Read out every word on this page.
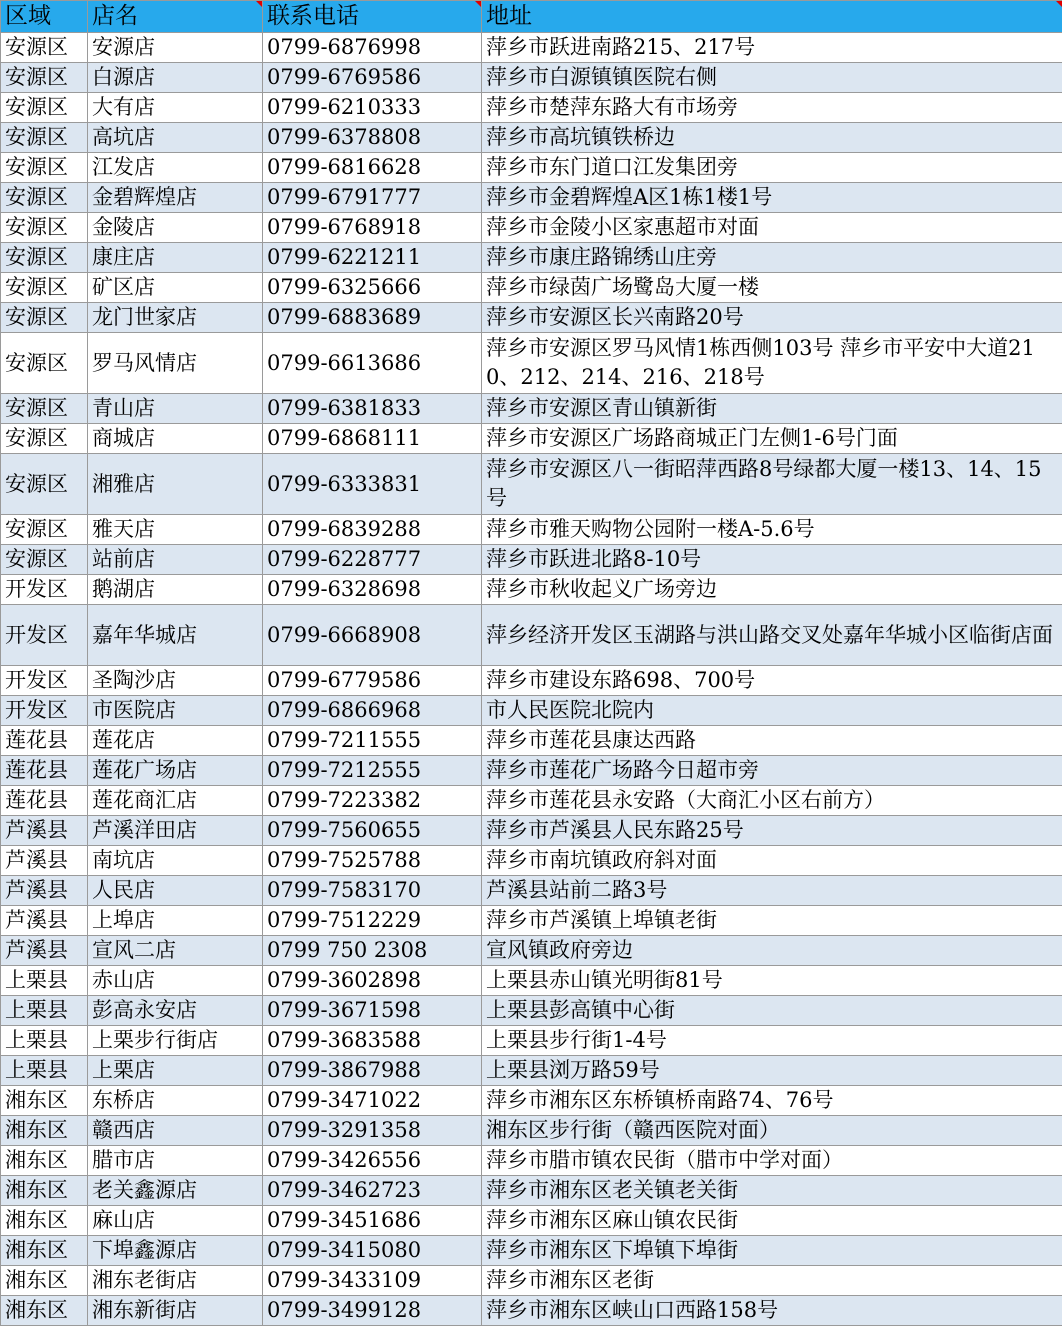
区域	店名	联系电话	地址
安源区	安源店	0799-6876998	萍乡市跃进南路215、217号
安源区	白源店	0799-6769586	萍乡市白源镇镇医院右侧
安源区	大有店	0799-6210333	萍乡市楚萍东路大有市场旁
安源区	高坑店	0799-6378808	萍乡市高坑镇铁桥边
安源区	江发店	0799-6816628	萍乡市东门道口江发集团旁
安源区	金碧辉煌店	0799-6791777	萍乡市金碧辉煌A区1栋1楼1号
安源区	金陵店	0799-6768918	萍乡市金陵小区家惠超市对面
安源区	康庄店	0799-6221211	萍乡市康庄路锦绣山庄旁
安源区	矿区店	0799-6325666	萍乡市绿茵广场鹭岛大厦一楼
安源区	龙门世家店	0799-6883689	萍乡市安源区长兴南路20号
安源区	罗马风情店	0799-6613686	萍乡市安源区罗马风情1栋西侧103号 萍乡市平安中大道210、212、214、216、218号
安源区	青山店	0799-6381833	萍乡市安源区青山镇新街
安源区	商城店	0799-6868111	萍乡市安源区广场路商城正门左侧1-6号门面
安源区	湘雅店	0799-6333831	萍乡市安源区八一街昭萍西路8号绿都大厦一楼13、14、15号
安源区	雅天店	0799-6839288	萍乡市雅天购物公园附一楼A-5.6号
安源区	站前店	0799-6228777	萍乡市跃进北路8-10号
开发区	鹅湖店	0799-6328698	萍乡市秋收起义广场旁边
开发区	嘉年华城店	0799-6668908	萍乡经济开发区玉湖路与洪山路交叉处嘉年华城小区临街店面
开发区	圣陶沙店	0799-6779586	萍乡市建设东路698、700号
开发区	市医院店	0799-6866968	市人民医院北院内
莲花县	莲花店	0799-7211555	萍乡市莲花县康达西路
莲花县	莲花广场店	0799-7212555	萍乡市莲花广场路今日超市旁
莲花县	莲花商汇店	0799-7223382	萍乡市莲花县永安路（大商汇小区右前方）
芦溪县	芦溪洋田店	0799-7560655	萍乡市芦溪县人民东路25号
芦溪县	南坑店	0799-7525788	萍乡市南坑镇政府斜对面
芦溪县	人民店	0799-7583170	芦溪县站前二路3号
芦溪县	上埠店	0799-7512229	萍乡市芦溪镇上埠镇老街
芦溪县	宣风二店	0799 750 2308	宣风镇政府旁边
上栗县	赤山店	0799-3602898	上栗县赤山镇光明街81号
上栗县	彭高永安店	0799-3671598	上栗县彭高镇中心街
上栗县	上栗步行街店	0799-3683588	上栗县步行街1-4号
上栗县	上栗店	0799-3867988	上栗县浏万路59号
湘东区	东桥店	0799-3471022	萍乡市湘东区东桥镇桥南路74、76号
湘东区	赣西店	0799-3291358	湘东区步行街（赣西医院对面）
湘东区	腊市店	0799-3426556	萍乡市腊市镇农民街（腊市中学对面）
湘东区	老关鑫源店	0799-3462723	萍乡市湘东区老关镇老关街
湘东区	麻山店	0799-3451686	萍乡市湘东区麻山镇农民街
湘东区	下埠鑫源店	0799-3415080	萍乡市湘东区下埠镇下埠街
湘东区	湘东老街店	0799-3433109	萍乡市湘东区老街
湘东区	湘东新街店	0799-3499128	萍乡市湘东区峡山口西路158号
